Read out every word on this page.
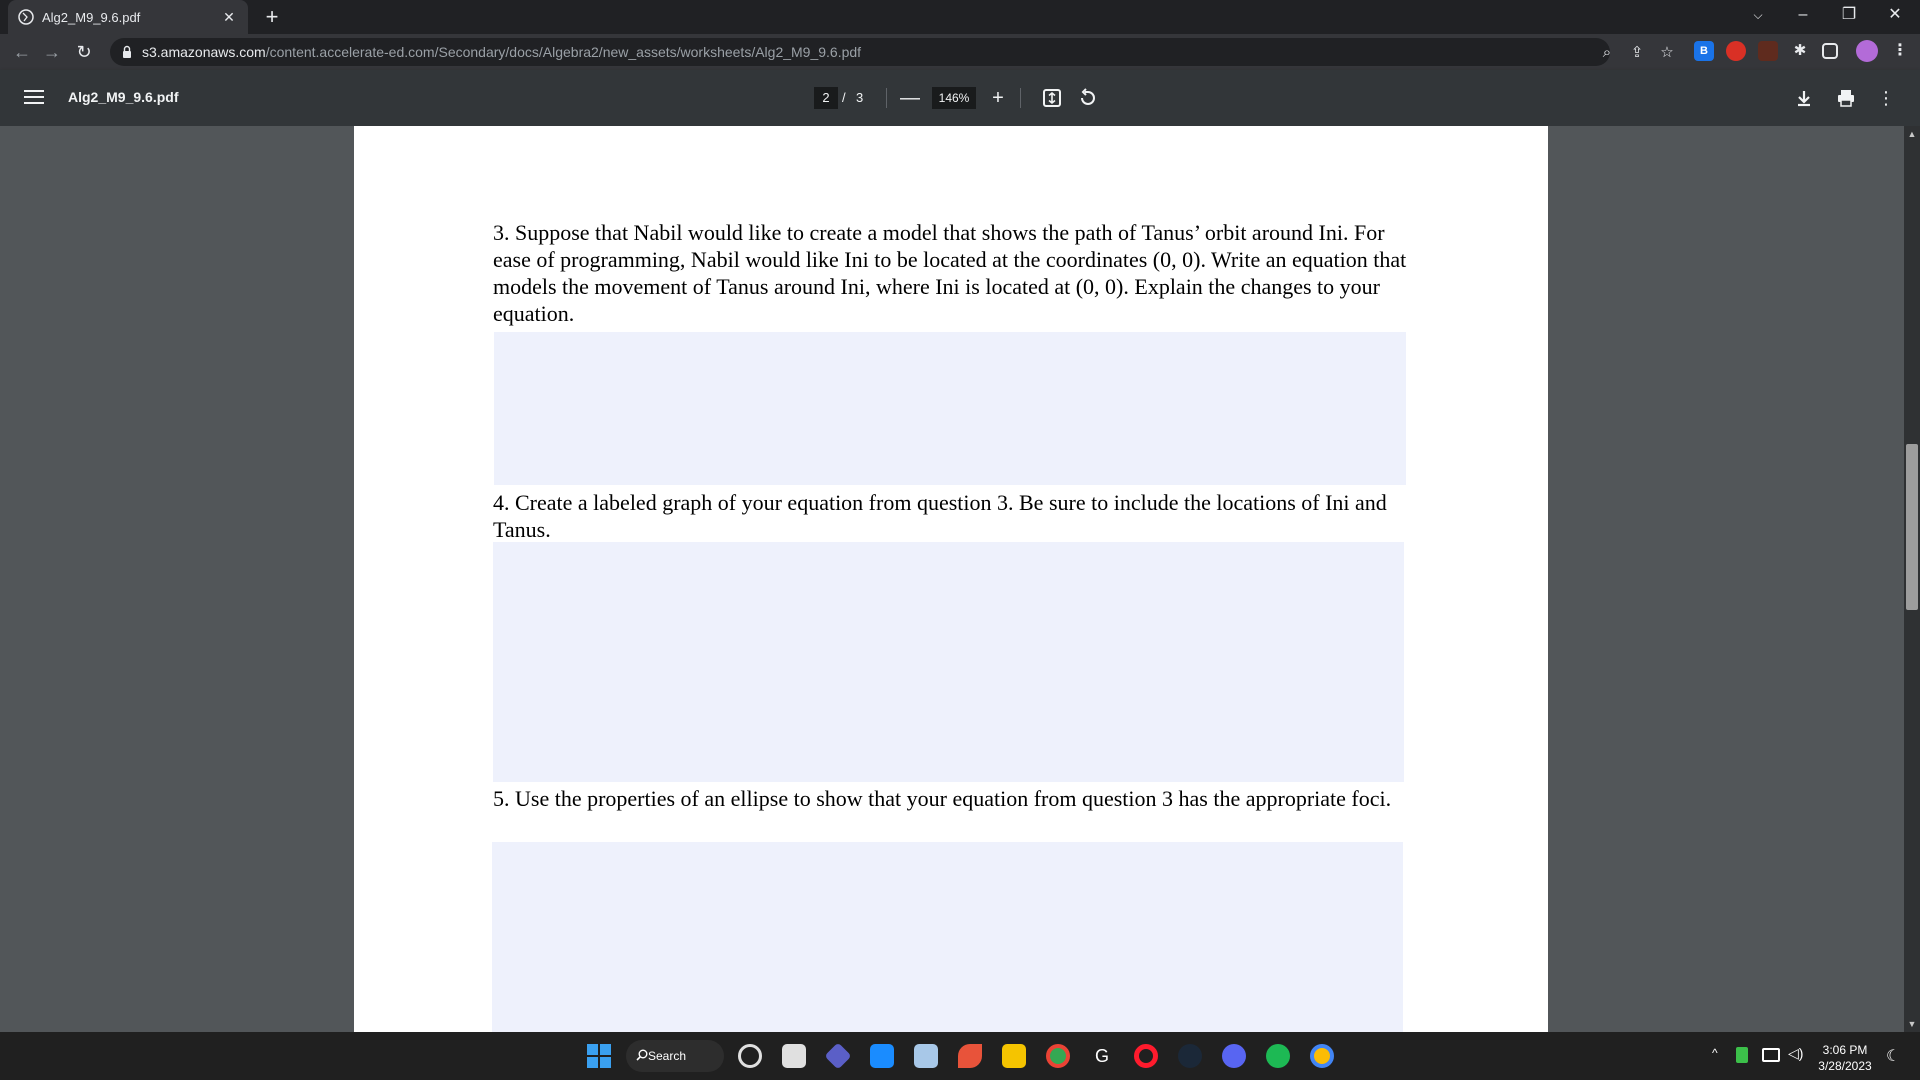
Alg2_M9_9.6.pdf	✕ +	⌵	–	❐	✕
← → ↻	s3.amazonaws.com/content.accelerate-ed.com/Secondary/docs/Algebra2/new_assets/worksheets/Alg2_M9_9.6.pdf	⌕	⇪ ☆	B	✱	⋮
Alg2_M9_9.6.pdf	2 / 3 —	146%	+	⋮

3. Suppose that Nabil would like to create a model that shows the path of Tanus’ orbit around Ini. For ease of programming, Nabil would like Ini to be located at the coordinates (0, 0). Write an equation that models the movement of Tanus around Ini, where Ini is located at (0, 0). Explain the changes to your equation.

4. Create a labeled graph of your equation from question 3. Be sure to include the locations of Ini and Tanus.

5. Use the properties of an ellipse to show that your equation from question 3 has the appropriate foci.

▲
▼
Search	G	^	◁)	3:06 PM
3/28/2023
☾
